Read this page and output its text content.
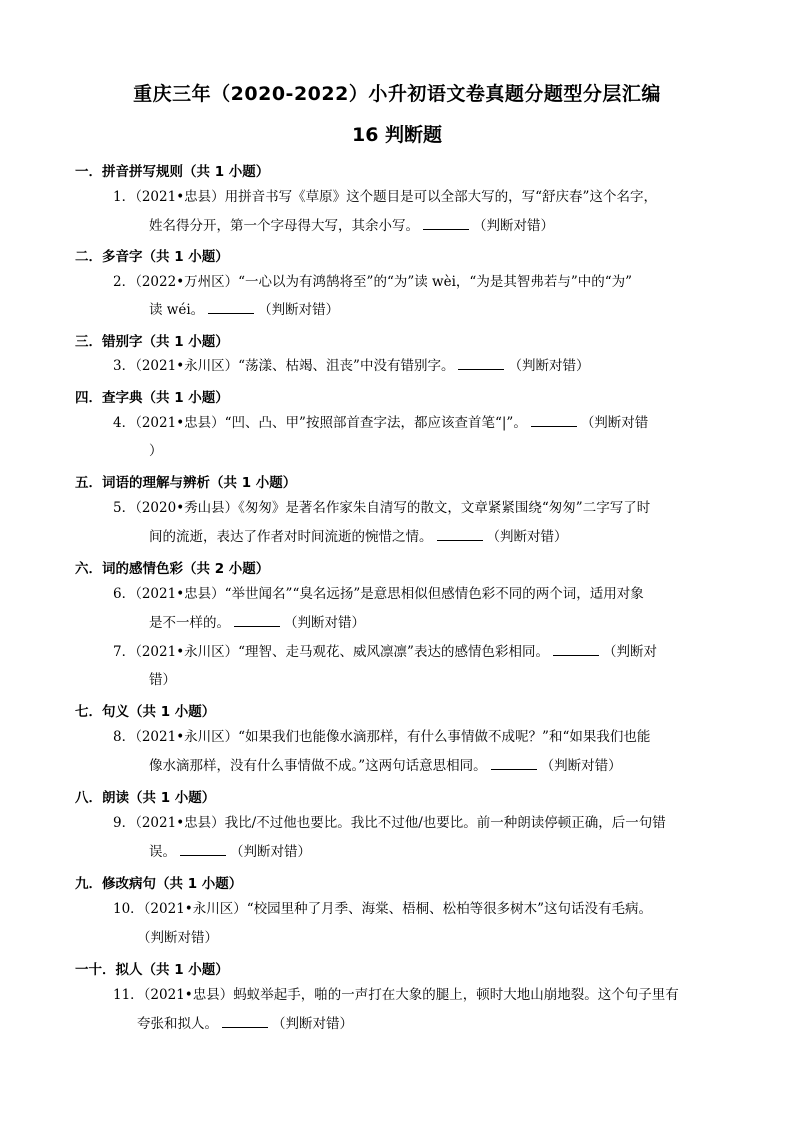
重庆三年（2020-2022）小升初语文卷真题分题型分层汇编
16 判断题
一．拼音拼写规则（共 1 小题）
1．（2021•忠县）用拼音书写《草原》这个题目是可以全部大写的，写“舒庆春”这个名字，
姓名得分开，第一个字母得大写，其余小写。	（判断对错）
二．多音字（共 1 小题）
2．（2022•万州区）“一心以为有鸿鹄将至”的“为”读 wèi，“为是其智弗若与”中的“为”
读 wéi。	（判断对错）
三．错别字（共 1 小题）
3．（2021•永川区）“荡漾、枯竭、沮丧”中没有错别字。	（判断对错）
四．查字典（共 1 小题）
4．（2021•忠县）“凹、凸、甲”按照部首查字法，都应该查首笔“|”。	（判断对错
）
五．词语的理解与辨析（共 1 小题）
5．（2020•秀山县）《匆匆》是著名作家朱自清写的散文，文章紧紧围绕“匆匆”二字写了时
间的流逝，表达了作者对时间流逝的惋惜之情。	（判断对错）
六．词的感情色彩（共 2 小题）
6．（2021•忠县）“举世闻名”“臭名远扬”是意思相似但感情色彩不同的两个词，适用对象
是不一样的。	（判断对错）
7．（2021•永川区）“理智、走马观花、威风凛凛”表达的感情色彩相同。	（判断对
错）
七．句义（共 1 小题）
8．（2021•永川区）“如果我们也能像水滴那样，有什么事情做不成呢？”和“如果我们也能
像水滴那样，没有什么事情做不成。”这两句话意思相同。	（判断对错）
八．朗读（共 1 小题）
9．（2021•忠县）我比/不过他也要比。我比不过他/也要比。前一种朗读停顿正确，后一句错
误。	（判断对错）
九．修改病句（共 1 小题）
10．（2021•永川区）“校园里种了月季、海棠、梧桐、松柏等很多树木”这句话没有毛病。
（判断对错）
一十．拟人（共 1 小题）
11．（2021•忠县）蚂蚁举起手，啪的一声打在大象的腿上，顿时大地山崩地裂。这个句子里有
夸张和拟人。	（判断对错）
